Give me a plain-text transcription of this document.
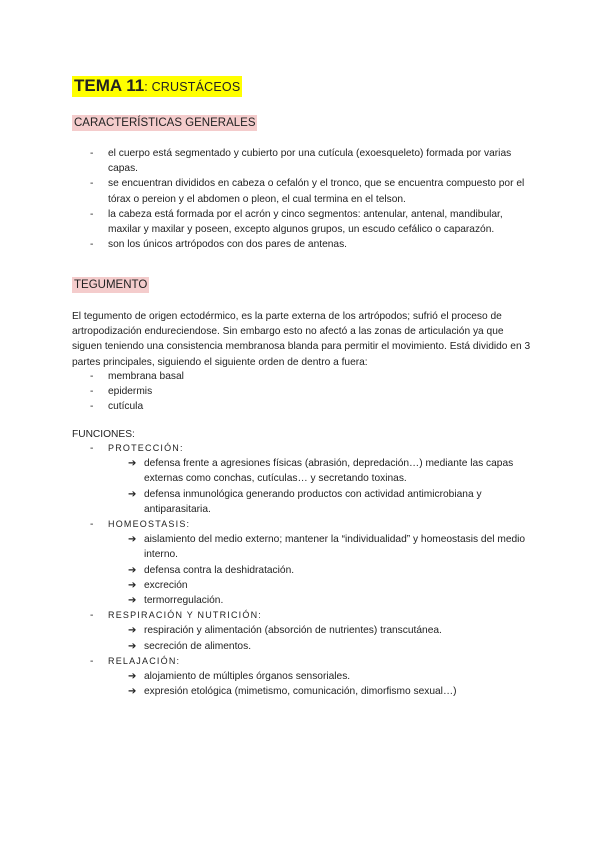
TEMA 11: CRUSTÁCEOS
CARACTERÍSTICAS GENERALES
- el cuerpo está segmentado y cubierto por una cutícula (exoesqueleto) formada por varias capas.
- se encuentran divididos en cabeza o cefalón y el tronco, que se encuentra compuesto por el tórax o pereion y el abdomen o pleon, el cual termina en el telson.
- la cabeza está formada por el acrón y cinco segmentos: antenular, antenal, mandibular, maxilar y maxilar y poseen, excepto algunos grupos, un escudo cefálico o caparazón.
- son los únicos artrópodos con dos pares de antenas.
TEGUMENTO

El tegumento de origen ectodérmico, es la parte externa de los artrópodos; sufrió el proceso de artropodización endureciendose. Sin embargo esto no afectó a las zonas de articulación ya que siguen teniendo una consistencia membranosa blanda para permitir el movimiento. Está dividido en 3 partes principales, siguiendo el siguiente orden de dentro a fuera:

- membrana basal
- epidermis
- cutícula
FUNCIONES:
- PROTECCIÓN:
➔ defensa frente a agresiones físicas (abrasión, depredación…) mediante las capas externas como conchas, cutículas… y secretando toxinas.
➔ defensa inmunológica generando productos con actividad antimicrobiana y antiparasitaria.
- HOMEOSTASIS:
➔ aislamiento del medio externo; mantener la “individualidad” y homeostasis del medio interno.
➔ defensa contra la deshidratación.
➔ excreción
➔ termorregulación.
- RESPIRACIÓN Y NUTRICIÓN:
➔ respiración y alimentación (absorción de nutrientes) transcutánea.
➔ secreción de alimentos.
- RELAJACIÓN:
➔ alojamiento de múltiples órganos sensoriales.
➔ expresión etológica (mimetismo, comunicación, dimorfismo sexual…)
